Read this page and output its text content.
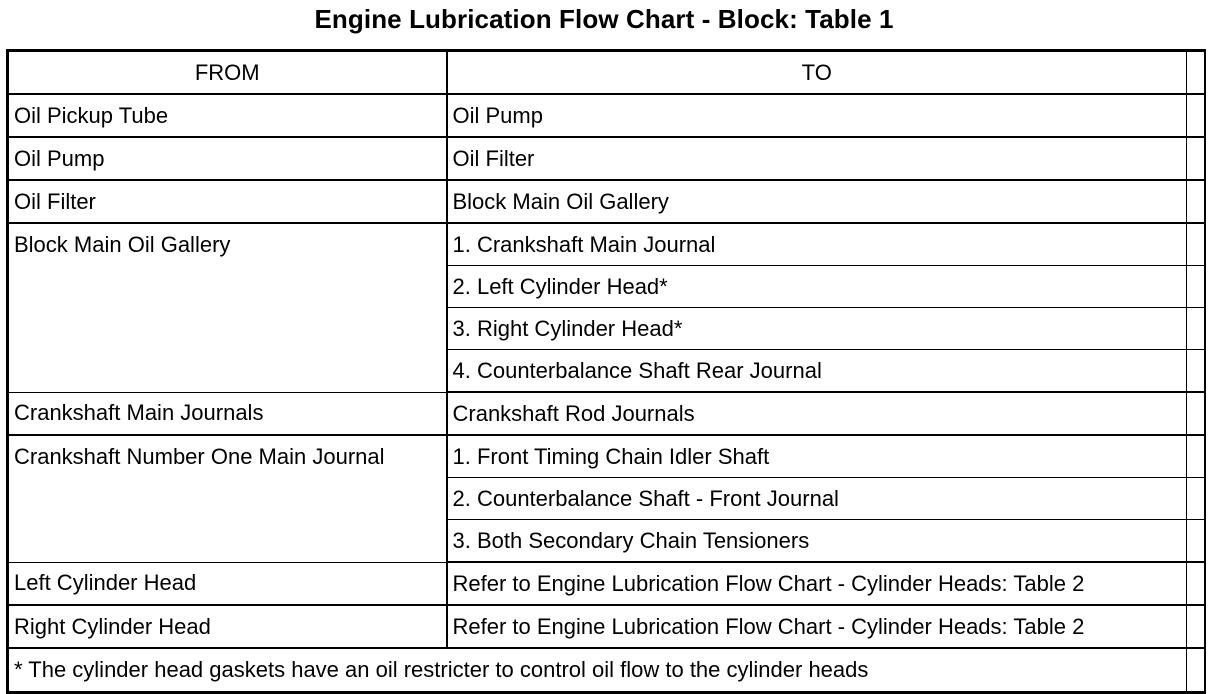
Engine Lubrication Flow Chart - Block: Table 1
FROM	TO	
Oil Pickup Tube	Oil Pump	
Oil Pump	Oil Filter	
Oil Filter	Block Main Oil Gallery	
Block Main Oil Gallery	1. Crankshaft Main Journal	
	2. Left Cylinder Head*	
	3. Right Cylinder Head*	
	4. Counterbalance Shaft Rear Journal	
Crankshaft Main Journals	Crankshaft Rod Journals	
Crankshaft Number One Main Journal	1. Front Timing Chain Idler Shaft	
	2. Counterbalance Shaft - Front Journal	
	3. Both Secondary Chain Tensioners	
Left Cylinder Head	Refer to Engine Lubrication Flow Chart - Cylinder Heads: Table 2	
Right Cylinder Head	Refer to Engine Lubrication Flow Chart - Cylinder Heads: Table 2	
* The cylinder head gaskets have an oil restricter to control oil flow to the cylinder heads		
